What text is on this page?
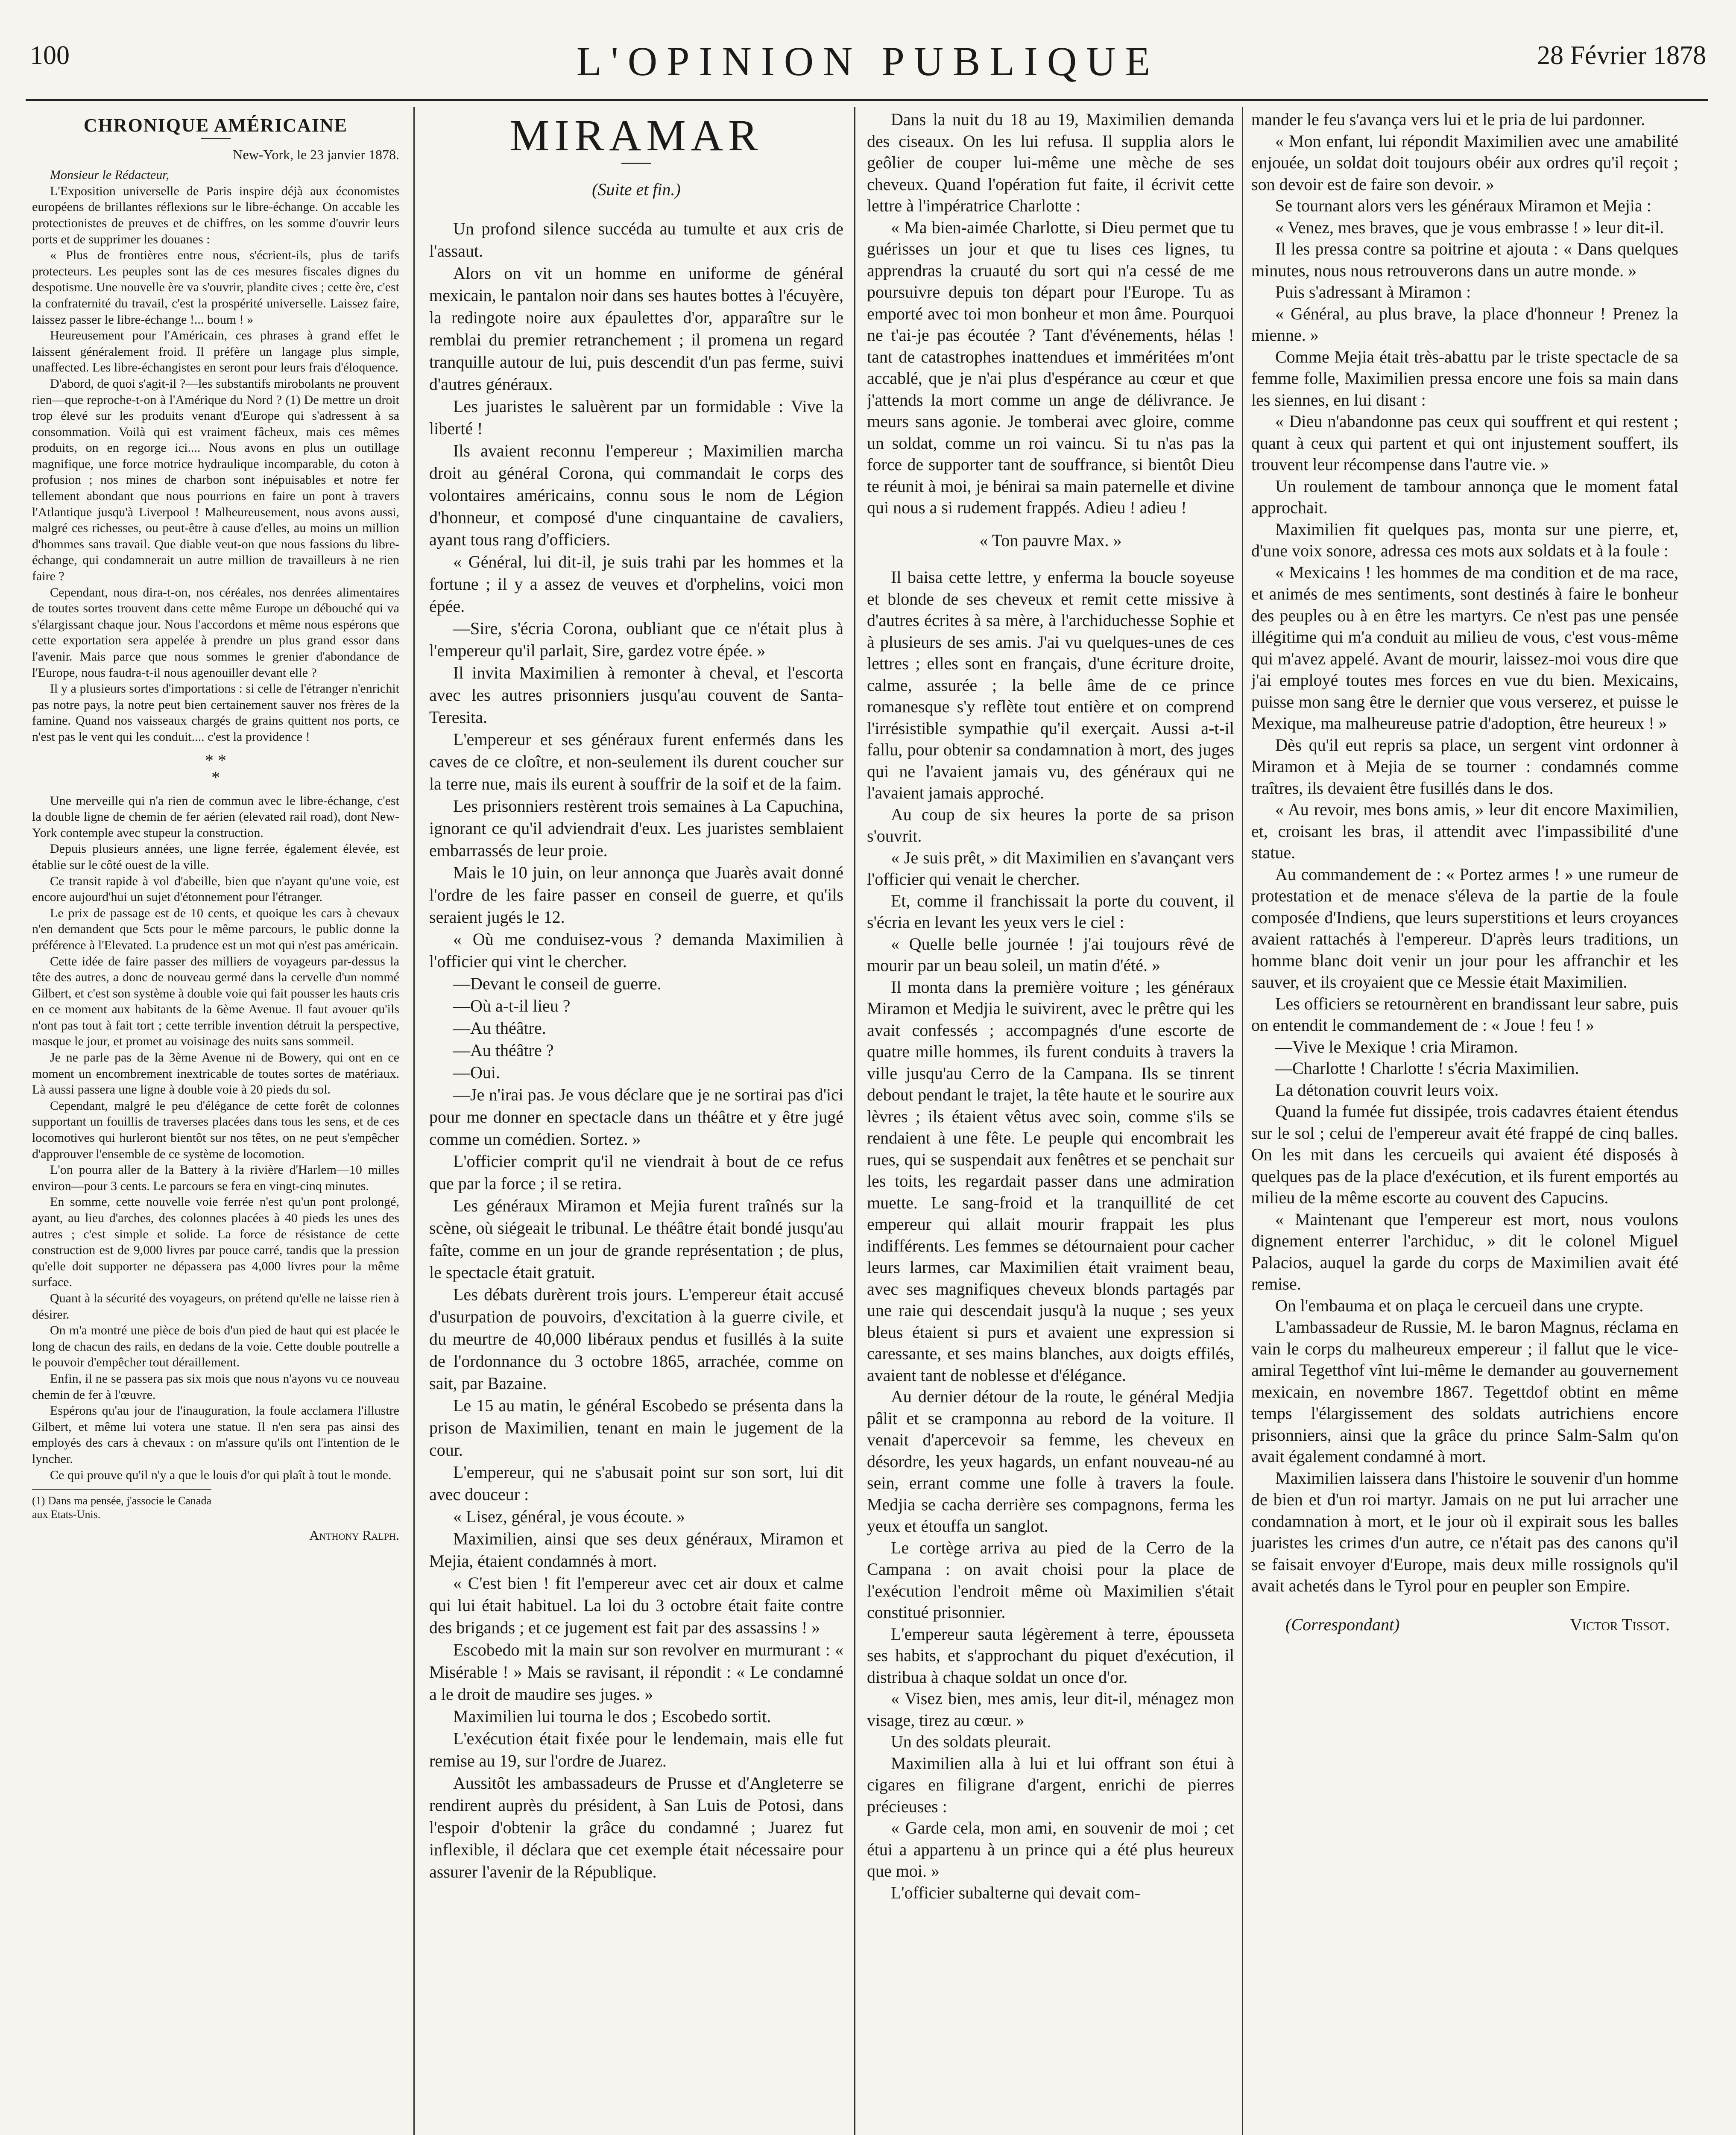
100	L'OPINION PUBLIQUE	28 Février 1878
CHRONIQUE AMÉRICAINE
New-York, le 23 janvier 1878.

Monsieur le Rédacteur,

L'Exposition universelle de Paris inspire déjà aux économistes européens de brillantes réflexions sur le libre-échange. On accable les protectionistes de preuves et de chiffres, on les somme d'ouvrir leurs ports et de supprimer les douanes :

« Plus de frontières entre nous, s'écrient-ils, plus de tarifs protecteurs. Les peuples sont las de ces mesures fiscales dignes du despotisme. Une nouvelle ère va s'ouvrir, plandite cives ; cette ère, c'est la confraternité du travail, c'est la prospérité universelle. Laissez faire, laissez passer le libre-échange !... boum ! »

Heureusement pour l'Américain, ces phrases à grand effet le laissent généralement froid. Il préfère un langage plus simple, unaffected. Les libre-échangistes en seront pour leurs frais d'éloquence.

D'abord, de quoi s'agit-il ?—les substantifs mirobolants ne prouvent rien—que reproche-t-on à l'Amérique du Nord ? (1) De mettre un droit trop élevé sur les produits venant d'Europe qui s'adressent à sa consommation. Voilà qui est vraiment fâcheux, mais ces mêmes produits, on en regorge ici.... Nous avons en plus un outillage magnifique, une force motrice hydraulique incomparable, du coton à profusion ; nos mines de charbon sont inépuisables et notre fer tellement abondant que nous pourrions en faire un pont à travers l'Atlantique jusqu'à Liverpool ! Malheureusement, nous avons aussi, malgré ces richesses, ou peut-être à cause d'elles, au moins un million d'hommes sans travail. Que diable veut-on que nous fassions du libre-échange, qui condamnerait un autre million de travailleurs à ne rien faire ?

Cependant, nous dira-t-on, nos céréales, nos denrées alimentaires de toutes sortes trouvent dans cette même Europe un débouché qui va s'élargissant chaque jour. Nous l'accordons et même nous espérons que cette exportation sera appelée à prendre un plus grand essor dans l'avenir. Mais parce que nous sommes le grenier d'abondance de l'Europe, nous faudra-t-il nous agenouiller devant elle ?

Il y a plusieurs sortes d'importations : si celle de l'étranger n'enrichit pas notre pays, la notre peut bien certainement sauver nos frères de la famine. Quand nos vaisseaux chargés de grains quittent nos ports, ce n'est pas le vent qui les conduit.... c'est la providence !

* *
*

Une merveille qui n'a rien de commun avec le libre-échange, c'est la double ligne de chemin de fer aérien (elevated rail road), dont New-York contemple avec stupeur la construction.

Depuis plusieurs années, une ligne ferrée, également élevée, est établie sur le côté ouest de la ville.

Ce transit rapide à vol d'abeille, bien que n'ayant qu'une voie, est encore aujourd'hui un sujet d'étonnement pour l'étranger.

Le prix de passage est de 10 cents, et quoique les cars à chevaux n'en demandent que 5cts pour le même parcours, le public donne la préférence à l'Elevated. La prudence est un mot qui n'est pas américain.

Cette idée de faire passer des milliers de voyageurs par-dessus la tête des autres, a donc de nouveau germé dans la cervelle d'un nommé Gilbert, et c'est son système à double voie qui fait pousser les hauts cris en ce moment aux habitants de la 6ème Avenue. Il faut avouer qu'ils n'ont pas tout à fait tort ; cette terrible invention détruit la perspective, masque le jour, et promet au voisinage des nuits sans sommeil.

Je ne parle pas de la 3ème Avenue ni de Bowery, qui ont en ce moment un encombrement inextricable de toutes sortes de matériaux. Là aussi passera une ligne à double voie à 20 pieds du sol.

Cependant, malgré le peu d'élégance de cette forêt de colonnes supportant un fouillis de traverses placées dans tous les sens, et de ces locomotives qui hurleront bientôt sur nos têtes, on ne peut s'empêcher d'approuver l'ensemble de ce système de locomotion.

L'on pourra aller de la Battery à la rivière d'Harlem—10 milles environ—pour 3 cents. Le parcours se fera en vingt-cinq minutes.

En somme, cette nouvelle voie ferrée n'est qu'un pont prolongé, ayant, au lieu d'arches, des colonnes placées à 40 pieds les unes des autres ; c'est simple et solide. La force de résistance de cette construction est de 9,000 livres par pouce carré, tandis que la pression qu'elle doit supporter ne dépassera pas 4,000 livres pour la même surface.

Quant à la sécurité des voyageurs, on prétend qu'elle ne laisse rien à désirer.

On m'a montré une pièce de bois d'un pied de haut qui est placée le long de chacun des rails, en dedans de la voie. Cette double poutrelle a le pouvoir d'empêcher tout déraillement.

Enfin, il ne se passera pas six mois que nous n'ayons vu ce nouveau chemin de fer à l'œuvre.

Espérons qu'au jour de l'inauguration, la foule acclamera l'illustre Gilbert, et même lui votera une statue. Il n'en sera pas ainsi des employés des cars à chevaux : on m'assure qu'ils ont l'intention de le lyncher.

Ce qui prouve qu'il n'y a que le louis d'or qui plaît à tout le monde.

(1) Dans ma pensée, j'associe le Canada aux Etats-Unis.
Anthony Ralph.
MIRAMAR
(Suite et fin.)

Un profond silence succéda au tumulte et aux cris de l'assaut.

Alors on vit un homme en uniforme de général mexicain, le pantalon noir dans ses hautes bottes à l'écuyère, la redingote noire aux épaulettes d'or, apparaître sur le remblai du premier retranchement ; il promena un regard tranquille autour de lui, puis descendit d'un pas ferme, suivi d'autres généraux.

Les juaristes le saluèrent par un formidable : Vive la liberté !

Ils avaient reconnu l'empereur ; Maximilien marcha droit au général Corona, qui commandait le corps des volontaires américains, connu sous le nom de Légion d'honneur, et composé d'une cinquantaine de cavaliers, ayant tous rang d'officiers.

« Général, lui dit-il, je suis trahi par les hommes et la fortune ; il y a assez de veuves et d'orphelins, voici mon épée.

—Sire, s'écria Corona, oubliant que ce n'était plus à l'empereur qu'il parlait, Sire, gardez votre épée. »

Il invita Maximilien à remonter à cheval, et l'escorta avec les autres prisonniers jusqu'au couvent de Santa-Teresita.

L'empereur et ses généraux furent enfermés dans les caves de ce cloître, et non-seulement ils durent coucher sur la terre nue, mais ils eurent à souffrir de la soif et de la faim.

Les prisonniers restèrent trois semaines à La Capuchina, ignorant ce qu'il adviendrait d'eux. Les juaristes semblaient embarrassés de leur proie.

Mais le 10 juin, on leur annonça que Juarès avait donné l'ordre de les faire passer en conseil de guerre, et qu'ils seraient jugés le 12.

« Où me conduisez-vous ? demanda Maximilien à l'officier qui vint le chercher.

—Devant le conseil de guerre.

—Où a-t-il lieu ?

—Au théâtre.

—Au théâtre ?

—Oui.

—Je n'irai pas. Je vous déclare que je ne sortirai pas d'ici pour me donner en spectacle dans un théâtre et y être jugé comme un comédien. Sortez. »

L'officier comprit qu'il ne viendrait à bout de ce refus que par la force ; il se retira.

Les généraux Miramon et Mejia furent traînés sur la scène, où siégeait le tribunal. Le théâtre était bondé jusqu'au faîte, comme en un jour de grande représentation ; de plus, le spectacle était gratuit.

Les débats durèrent trois jours. L'empereur était accusé d'usurpation de pouvoirs, d'excitation à la guerre civile, et du meurtre de 40,000 libéraux pendus et fusillés à la suite de l'ordonnance du 3 octobre 1865, arrachée, comme on sait, par Bazaine.

Le 15 au matin, le général Escobedo se présenta dans la prison de Maximilien, tenant en main le jugement de la cour.

L'empereur, qui ne s'abusait point sur son sort, lui dit avec douceur :

« Lisez, général, je vous écoute. »

Maximilien, ainsi que ses deux généraux, Miramon et Mejia, étaient condamnés à mort.

« C'est bien ! fit l'empereur avec cet air doux et calme qui lui était habituel. La loi du 3 octobre était faite contre des brigands ; et ce jugement est fait par des assassins ! »

Escobedo mit la main sur son revolver en murmurant : « Misérable ! » Mais se ravisant, il répondit : « Le condamné a le droit de maudire ses juges. »

Maximilien lui tourna le dos ; Escobedo sortit.

L'exécution était fixée pour le lendemain, mais elle fut remise au 19, sur l'ordre de Juarez.

Aussitôt les ambassadeurs de Prusse et d'Angleterre se rendirent auprès du président, à San Luis de Potosi, dans l'espoir d'obtenir la grâce du condamné ; Juarez fut inflexible, il déclara que cet exemple était nécessaire pour assurer l'avenir de la République.

Dans la nuit du 18 au 19, Maximilien demanda des ciseaux. On les lui refusa. Il supplia alors le geôlier de couper lui-même une mèche de ses cheveux. Quand l'opération fut faite, il écrivit cette lettre à l'impératrice Charlotte :

« Ma bien-aimée Charlotte, si Dieu permet que tu guérisses un jour et que tu lises ces lignes, tu apprendras la cruauté du sort qui n'a cessé de me poursuivre depuis ton départ pour l'Europe. Tu as emporté avec toi mon bonheur et mon âme. Pourquoi ne t'ai-je pas écoutée ? Tant d'événements, hélas ! tant de catastrophes inattendues et imméritées m'ont accablé, que je n'ai plus d'espérance au cœur et que j'attends la mort comme un ange de délivrance. Je meurs sans agonie. Je tomberai avec gloire, comme un soldat, comme un roi vaincu. Si tu n'as pas la force de supporter tant de souffrance, si bientôt Dieu te réunit à moi, je bénirai sa main paternelle et divine qui nous a si rudement frappés. Adieu ! adieu !

« Ton pauvre Max. »

Il baisa cette lettre, y enferma la boucle soyeuse et blonde de ses cheveux et remit cette missive à d'autres écrites à sa mère, à l'archiduchesse Sophie et à plusieurs de ses amis. J'ai vu quelques-unes de ces lettres ; elles sont en français, d'une écriture droite, calme, assurée ; la belle âme de ce prince romanesque s'y reflète tout entière et on comprend l'irrésistible sympathie qu'il exerçait. Aussi a-t-il fallu, pour obtenir sa condamnation à mort, des juges qui ne l'avaient jamais vu, des généraux qui ne l'avaient jamais approché.

Au coup de six heures la porte de sa prison s'ouvrit.

« Je suis prêt, » dit Maximilien en s'avançant vers l'officier qui venait le chercher.

Et, comme il franchissait la porte du couvent, il s'écria en levant les yeux vers le ciel :

« Quelle belle journée ! j'ai toujours rêvé de mourir par un beau soleil, un matin d'été. »

Il monta dans la première voiture ; les généraux Miramon et Medjia le suivirent, avec le prêtre qui les avait confessés ; accompagnés d'une escorte de quatre mille hommes, ils furent conduits à travers la ville jusqu'au Cerro de la Campana. Ils se tinrent debout pendant le trajet, la tête haute et le sourire aux lèvres ; ils étaient vêtus avec soin, comme s'ils se rendaient à une fête. Le peuple qui encombrait les rues, qui se suspendait aux fenêtres et se penchait sur les toits, les regardait passer dans une admiration muette. Le sang-froid et la tranquillité de cet empereur qui allait mourir frappait les plus indifférents. Les femmes se détournaient pour cacher leurs larmes, car Maximilien était vraiment beau, avec ses magnifiques cheveux blonds partagés par une raie qui descendait jusqu'à la nuque ; ses yeux bleus étaient si purs et avaient une expression si caressante, et ses mains blanches, aux doigts effilés, avaient tant de noblesse et d'élégance.

Au dernier détour de la route, le général Medjia pâlit et se cramponna au rebord de la voiture. Il venait d'apercevoir sa femme, les cheveux en désordre, les yeux hagards, un enfant nouveau-né au sein, errant comme une folle à travers la foule. Medjia se cacha derrière ses compagnons, ferma les yeux et étouffa un sanglot.

Le cortège arriva au pied de la Cerro de la Campana : on avait choisi pour la place de l'exécution l'endroit même où Maximilien s'était constitué prisonnier.

L'empereur sauta légèrement à terre, épousseta ses habits, et s'approchant du piquet d'exécution, il distribua à chaque soldat un once d'or.

« Visez bien, mes amis, leur dit-il, ménagez mon visage, tirez au cœur. »

Un des soldats pleurait.

Maximilien alla à lui et lui offrant son étui à cigares en filigrane d'argent, enrichi de pierres précieuses :

« Garde cela, mon ami, en souvenir de moi ; cet étui a appartenu à un prince qui a été plus heureux que moi. »

L'officier subalterne qui devait com-

mander le feu s'avança vers lui et le pria de lui pardonner.

« Mon enfant, lui répondit Maximilien avec une amabilité enjouée, un soldat doit toujours obéir aux ordres qu'il reçoit ; son devoir est de faire son devoir. »

Se tournant alors vers les généraux Miramon et Mejia :

« Venez, mes braves, que je vous embrasse ! » leur dit-il.

Il les pressa contre sa poitrine et ajouta : « Dans quelques minutes, nous nous retrouverons dans un autre monde. »

Puis s'adressant à Miramon :

« Général, au plus brave, la place d'honneur ! Prenez la mienne. »

Comme Mejia était très-abattu par le triste spectacle de sa femme folle, Maximilien pressa encore une fois sa main dans les siennes, en lui disant :

« Dieu n'abandonne pas ceux qui souffrent et qui restent ; quant à ceux qui partent et qui ont injustement souffert, ils trouvent leur récompense dans l'autre vie. »

Un roulement de tambour annonça que le moment fatal approchait.

Maximilien fit quelques pas, monta sur une pierre, et, d'une voix sonore, adressa ces mots aux soldats et à la foule :

« Mexicains ! les hommes de ma condition et de ma race, et animés de mes sentiments, sont destinés à faire le bonheur des peuples ou à en être les martyrs. Ce n'est pas une pensée illégitime qui m'a conduit au milieu de vous, c'est vous-même qui m'avez appelé. Avant de mourir, laissez-moi vous dire que j'ai employé toutes mes forces en vue du bien. Mexicains, puisse mon sang être le dernier que vous verserez, et puisse le Mexique, ma malheureuse patrie d'adoption, être heureux ! »

Dès qu'il eut repris sa place, un sergent vint ordonner à Miramon et à Mejia de se tourner : condamnés comme traîtres, ils devaient être fusillés dans le dos.

« Au revoir, mes bons amis, » leur dit encore Maximilien, et, croisant les bras, il attendit avec l'impassibilité d'une statue.

Au commandement de : « Portez armes ! » une rumeur de protestation et de menace s'éleva de la partie de la foule composée d'Indiens, que leurs superstitions et leurs croyances avaient rattachés à l'empereur. D'après leurs traditions, un homme blanc doit venir un jour pour les affranchir et les sauver, et ils croyaient que ce Messie était Maximilien.

Les officiers se retournèrent en brandissant leur sabre, puis on entendit le commandement de : « Joue ! feu ! »

—Vive le Mexique ! cria Miramon.

—Charlotte ! Charlotte ! s'écria Maximilien.

La détonation couvrit leurs voix.

Quand la fumée fut dissipée, trois cadavres étaient étendus sur le sol ; celui de l'empereur avait été frappé de cinq balles. On les mit dans les cercueils qui avaient été disposés à quelques pas de la place d'exécution, et ils furent emportés au milieu de la même escorte au couvent des Capucins.

« Maintenant que l'empereur est mort, nous voulons dignement enterrer l'archiduc, » dit le colonel Miguel Palacios, auquel la garde du corps de Maximilien avait été remise.

On l'embauma et on plaça le cercueil dans une crypte.

L'ambassadeur de Russie, M. le baron Magnus, réclama en vain le corps du malheureux empereur ; il fallut que le vice-amiral Tegetthof vînt lui-même le demander au gouvernement mexicain, en novembre 1867. Tegettdof obtint en même temps l'élargissement des soldats autrichiens encore prisonniers, ainsi que la grâce du prince Salm-Salm qu'on avait également condamné à mort.

Maximilien laissera dans l'histoire le souvenir d'un homme de bien et d'un roi martyr. Jamais on ne put lui arracher une condamnation à mort, et le jour où il expirait sous les balles juaristes les crimes d'un autre, ce n'était pas des canons qu'il se faisait envoyer d'Europe, mais deux mille rossignols qu'il avait achetés dans le Tyrol pour en peupler son Empire.

(Correspondant)	Victor Tissot.
